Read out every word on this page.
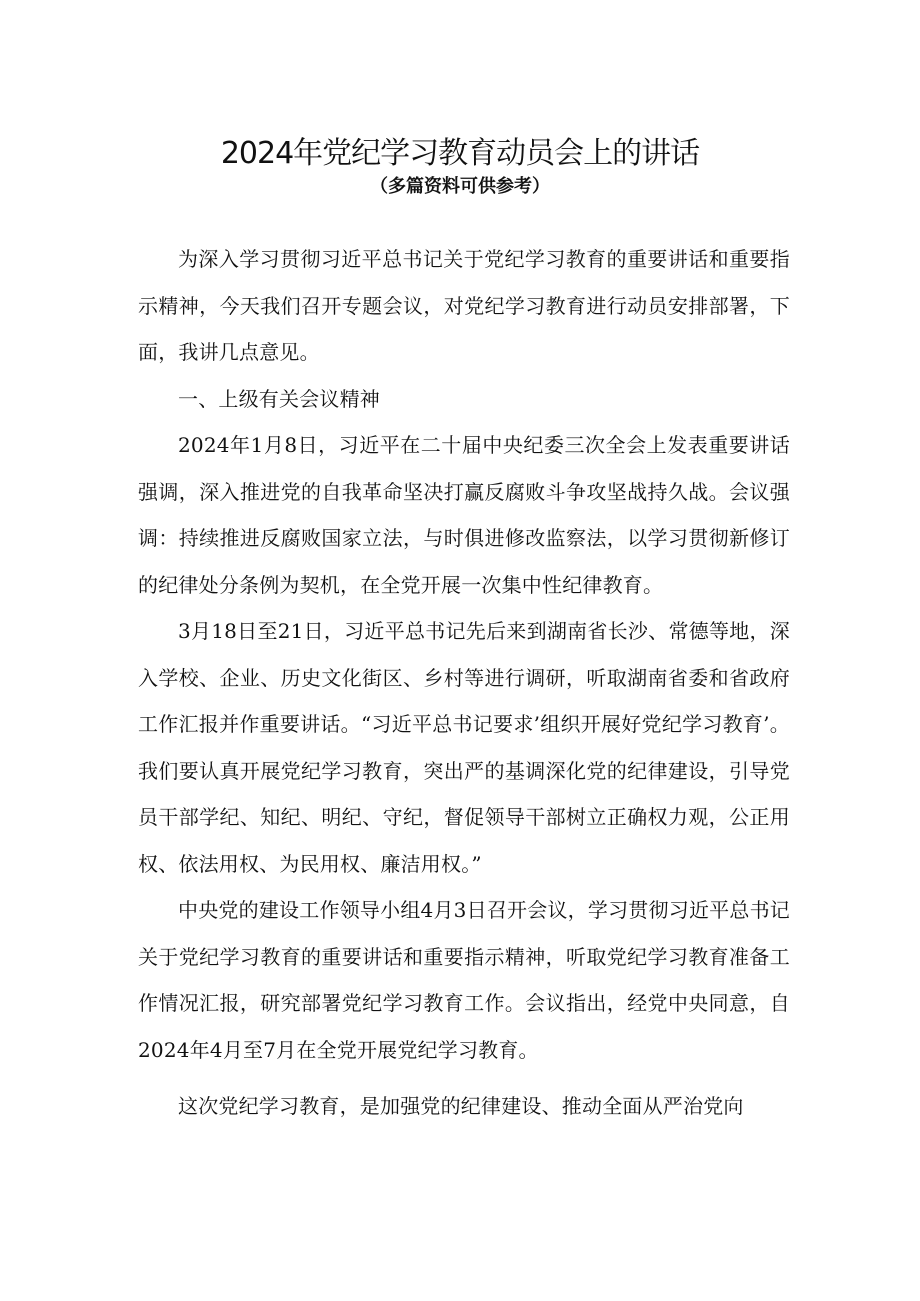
2024年党纪学习教育动员会上的讲话
（多篇资料可供参考）

为深入学习贯彻习近平总书记关于党纪学习教育的重要讲话和重要指示精神，今天我们召开专题会议，对党纪学习教育进行动员安排部署，下面，我讲几点意见。

一、上级有关会议精神

2024年1月8日，习近平在二十届中央纪委三次全会上发表重要讲话强调，深入推进党的自我革命坚决打赢反腐败斗争攻坚战持久战。会议强调：持续推进反腐败国家立法，与时俱进修改监察法，以学习贯彻新修订的纪律处分条例为契机，在全党开展一次集中性纪律教育。

3月18日至21日，习近平总书记先后来到湖南省长沙、常德等地，深入学校、企业、历史文化街区、乡村等进行调研，听取湖南省委和省政府工作汇报并作重要讲话。“习近平总书记要求’组织开展好党纪学习教育’。我们要认真开展党纪学习教育，突出严的基调深化党的纪律建设，引导党员干部学纪、知纪、明纪、守纪，督促领导干部树立正确权力观，公正用权、依法用权、为民用权、廉洁用权。”

中央党的建设工作领导小组4月3日召开会议，学习贯彻习近平总书记关于党纪学习教育的重要讲话和重要指示精神，听取党纪学习教育准备工作情况汇报，研究部署党纪学习教育工作。会议指出，经党中央同意，自2024年4月至7月在全党开展党纪学习教育。

这次党纪学习教育，是加强党的纪律建设、推动全面从严治党向
